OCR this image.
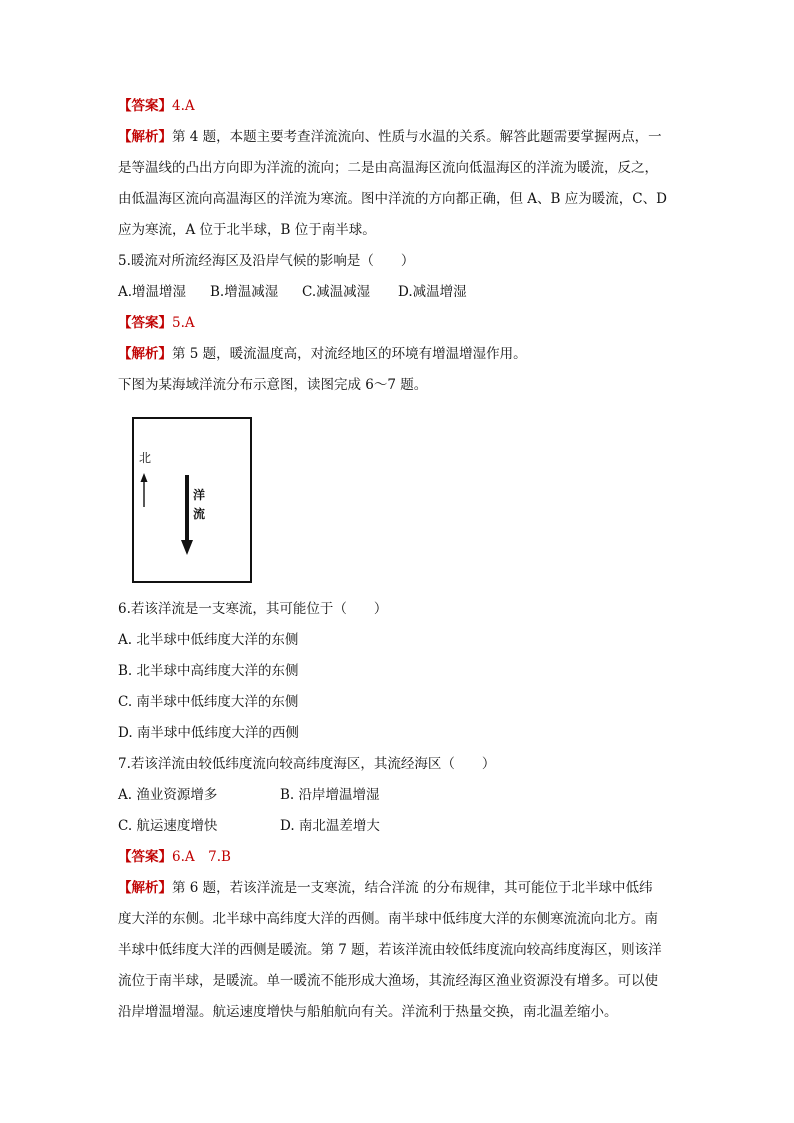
【答案】4.A

【解析】第 4 题，本题主要考查洋流流向、性质与水温的关系。解答此题需要掌握两点，一

是等温线的凸出方向即为洋流的流向；二是由高温海区流向低温海区的洋流为暖流，反之，

由低温海区流向高温海区的洋流为寒流。图中洋流的方向都正确，但 A、B 应为暖流，C、D

应为寒流，A 位于北半球，B 位于南半球。

5.暖流对所流经海区及沿岸气候的影响是（　　）

A.增温增湿 B.增温减湿 C.减温减湿 D.减温增湿

【答案】5.A

【解析】第 5 题，暖流温度高，对流经地区的环境有增温增湿作用。

下图为某海域洋流分布示意图，读图完成 6～7 题。

北
洋流

6.若该洋流是一支寒流，其可能位于（　　）

A. 北半球中低纬度大洋的东侧

B. 北半球中高纬度大洋的东侧

C. 南半球中低纬度大洋的东侧

D. 南半球中低纬度大洋的西侧

7.若该洋流由较低纬度流向较高纬度海区，其流经海区（　　）

A. 渔业资源增多	B. 沿岸增温增湿

C. 航运速度增快	D. 南北温差增大

【答案】6.A　7.B

【解析】第 6 题，若该洋流是一支寒流，结合洋流 的分布规律，其可能位于北半球中低纬

度大洋的东侧。北半球中高纬度大洋的西侧。南半球中低纬度大洋的东侧寒流流向北方。南

半球中低纬度大洋的西侧是暖流。第 7 题，若该洋流由较低纬度流向较高纬度海区，则该洋

流位于南半球，是暖流。单一暖流不能形成大渔场，其流经海区渔业资源没有增多。可以使

沿岸增温增湿。航运速度增快与船舶航向有关。洋流利于热量交换，南北温差缩小。
